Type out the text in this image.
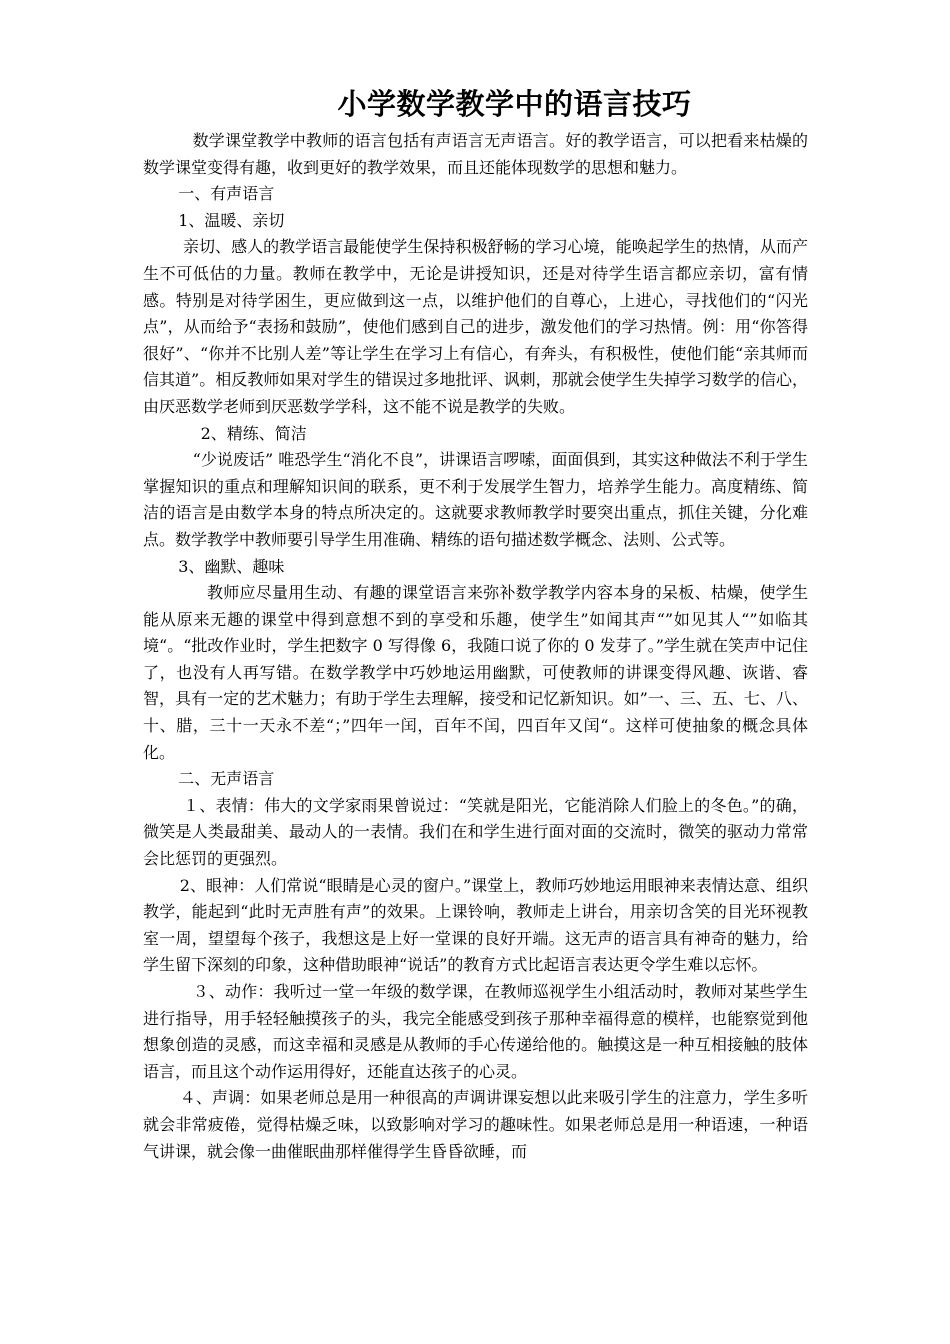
小学数学教学中的语言技巧

数学课堂教学中教师的语言包括有声语言无声语言。好的教学语言，可以把看来枯燥的数学课堂变得有趣，收到更好的教学效果，而且还能体现数学的思想和魅力。

一、有声语言

1、温暖、亲切

亲切、感人的教学语言最能使学生保持积极舒畅的学习心境，能唤起学生的热情，从而产生不可低估的力量。教师在教学中，无论是讲授知识，还是对待学生语言都应亲切，富有情感。特别是对待学困生，更应做到这一点，以维护他们的自尊心，上进心，寻找他们的“闪光点”，从而给予“表扬和鼓励”，使他们感到自己的进步，激发他们的学习热情。例：用“你答得很好”、“你并不比别人差”等让学生在学习上有信心，有奔头，有积极性，使他们能“亲其师而信其道”。相反教师如果对学生的错误过多地批评、讽刺，那就会使学生失掉学习数学的信心，由厌恶数学老师到厌恶数学学科，这不能不说是教学的失败。

2、精练、简洁

“少说废话” 唯恐学生“消化不良”，讲课语言啰嗦，面面俱到，其实这种做法不利于学生掌握知识的重点和理解知识间的联系，更不利于发展学生智力，培养学生能力。高度精练、简洁的语言是由数学本身的特点所决定的。这就要求教师教学时要突出重点，抓住关键，分化难点。数学教学中教师要引导学生用准确、精练的语句描述数学概念、法则、公式等。

3、幽默、趣味

教师应尽量用生动、有趣的课堂语言来弥补数学教学内容本身的呆板、枯燥，使学生能从原来无趣的课堂中得到意想不到的享受和乐趣，使学生”如闻其声“”如见其人“”如临其境“。“批改作业时，学生把数字 0 写得像 6，我随口说了你的 0 发芽了。”学生就在笑声中记住了，也没有人再写错。在数学教学中巧妙地运用幽默，可使教师的讲课变得风趣、诙谐、睿智，具有一定的艺术魅力；有助于学生去理解，接受和记忆新知识。如”一、三、五、七、八、十、腊，三十一天永不差“；”四年一闰，百年不闰，四百年又闰“。这样可使抽象的概念具体化。

二、无声语言

１、表情：伟大的文学家雨果曾说过：“笑就是阳光，它能消除人们脸上的冬色。”的确，微笑是人类最甜美、最动人的一表情。我们在和学生进行面对面的交流时，微笑的驱动力常常会比惩罚的更强烈。

2、眼神：人们常说“眼睛是心灵的窗户。”课堂上，教师巧妙地运用眼神来表情达意、组织教学，能起到“此时无声胜有声”的效果。上课铃响，教师走上讲台，用亲切含笑的目光环视教室一周，望望每个孩子，我想这是上好一堂课的良好开端。这无声的语言具有神奇的魅力，给学生留下深刻的印象，这种借助眼神“说话”的教育方式比起语言表达更令学生难以忘怀。

３、动作：我听过一堂一年级的数学课，在教师巡视学生小组活动时，教师对某些学生进行指导，用手轻轻触摸孩子的头，我完全能感受到孩子那种幸福得意的模样，也能察觉到他想象创造的灵感，而这幸福和灵感是从教师的手心传递给他的。触摸这是一种互相接触的肢体语言，而且这个动作运用得好，还能直达孩子的心灵。

４、声调：如果老师总是用一种很高的声调讲课妄想以此来吸引学生的注意力，学生多听就会非常疲倦，觉得枯燥乏味，以致影响对学习的趣味性。如果老师总是用一种语速，一种语气讲课，就会像一曲催眠曲那样催得学生昏昏欲睡，而
